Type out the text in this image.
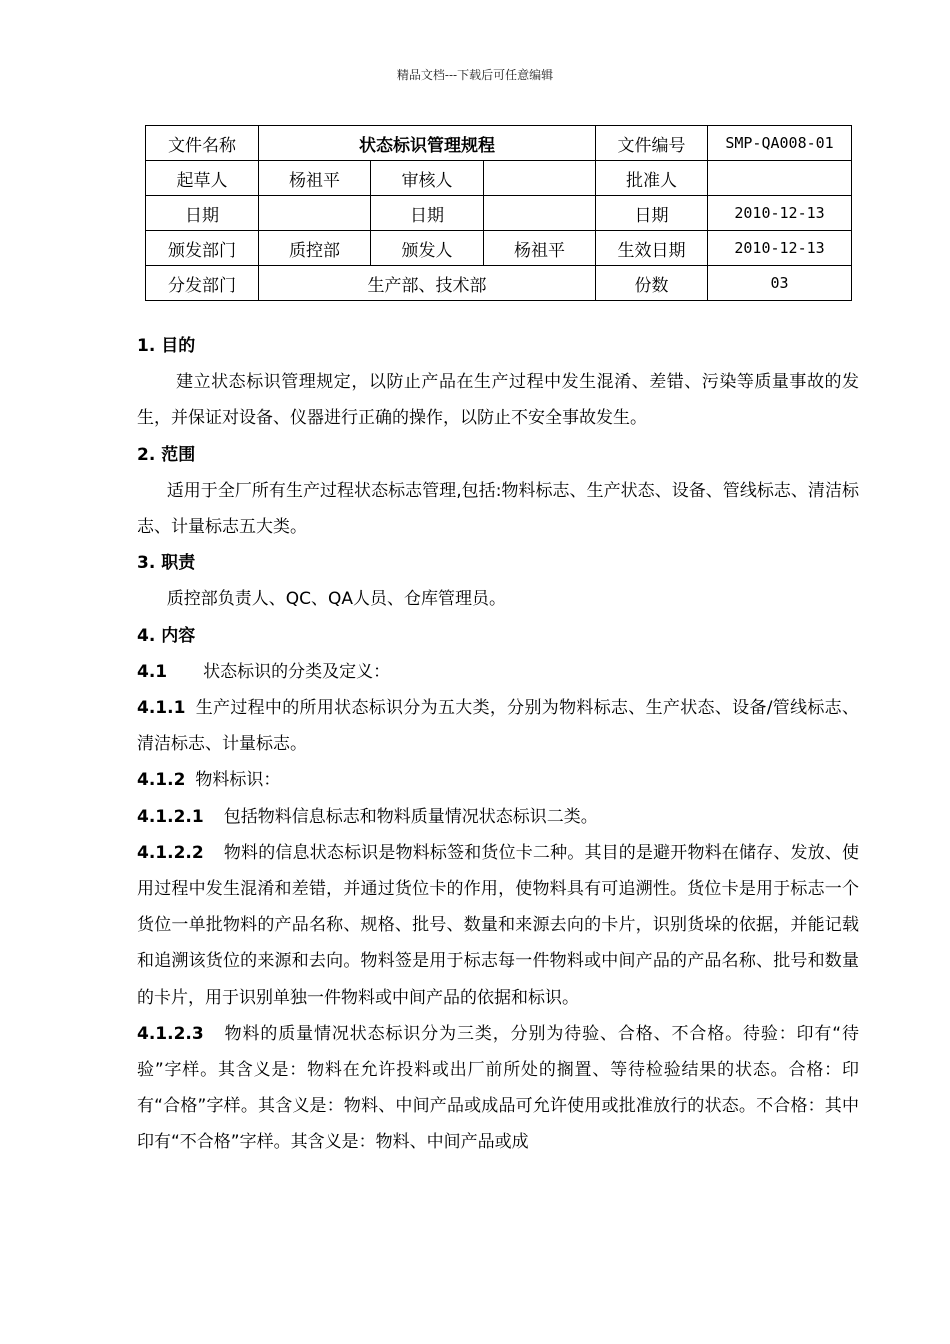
精品文档---下载后可任意编辑
文件名称	状态标识管理规程			文件编号	SMP-QA008-01
起草人	杨祖平	审核人		批准人	
日期		日期		日期	2010-12-13
颁发部门	质控部	颁发人	杨祖平	生效日期	2010-12-13
分发部门	生产部、技术部			份数	03

1. 目的

建立状态标识管理规定，以防止产品在生产过程中发生混淆、差错、污染等质量事故的发生，并保证对设备、仪器进行正确的操作，以防止不安全事故发生。

2. 范围

适用于全厂所有生产过程状态标志管理,包括:物料标志、生产状态、设备、管线标志、清洁标志、计量标志五大类。

3. 职责

质控部负责人、QC、QA人员、仓库管理员。

4. 内容

4.1 状态标识的分类及定义：

4.1.1 生产过程中的所用状态标识分为五大类，分别为物料标志、生产状态、设备/管线标志、清洁标志、计量标志。

4.1.2 物料标识：

4.1.2.1 包括物料信息标志和物料质量情况状态标识二类。

4.1.2.2 物料的信息状态标识是物料标签和货位卡二种。其目的是避开物料在储存、发放、使用过程中发生混淆和差错，并通过货位卡的作用，使物料具有可追溯性。货位卡是用于标志一个货位一单批物料的产品名称、规格、批号、数量和来源去向的卡片，识别货垛的依据，并能记载和追溯该货位的来源和去向。物料签是用于标志每一件物料或中间产品的产品名称、批号和数量的卡片，用于识别单独一件物料或中间产品的依据和标识。

4.1.2.3 物料的质量情况状态标识分为三类，分别为待验、合格、不合格。待验：印有“待验”字样。其含义是：物料在允许投料或出厂前所处的搁置、等待检验结果的状态。合格：印有“合格”字样。其含义是：物料、中间产品或成品可允许使用或批准放行的状态。不合格：其中印有“不合格”字样。其含义是：物料、中间产品或成
